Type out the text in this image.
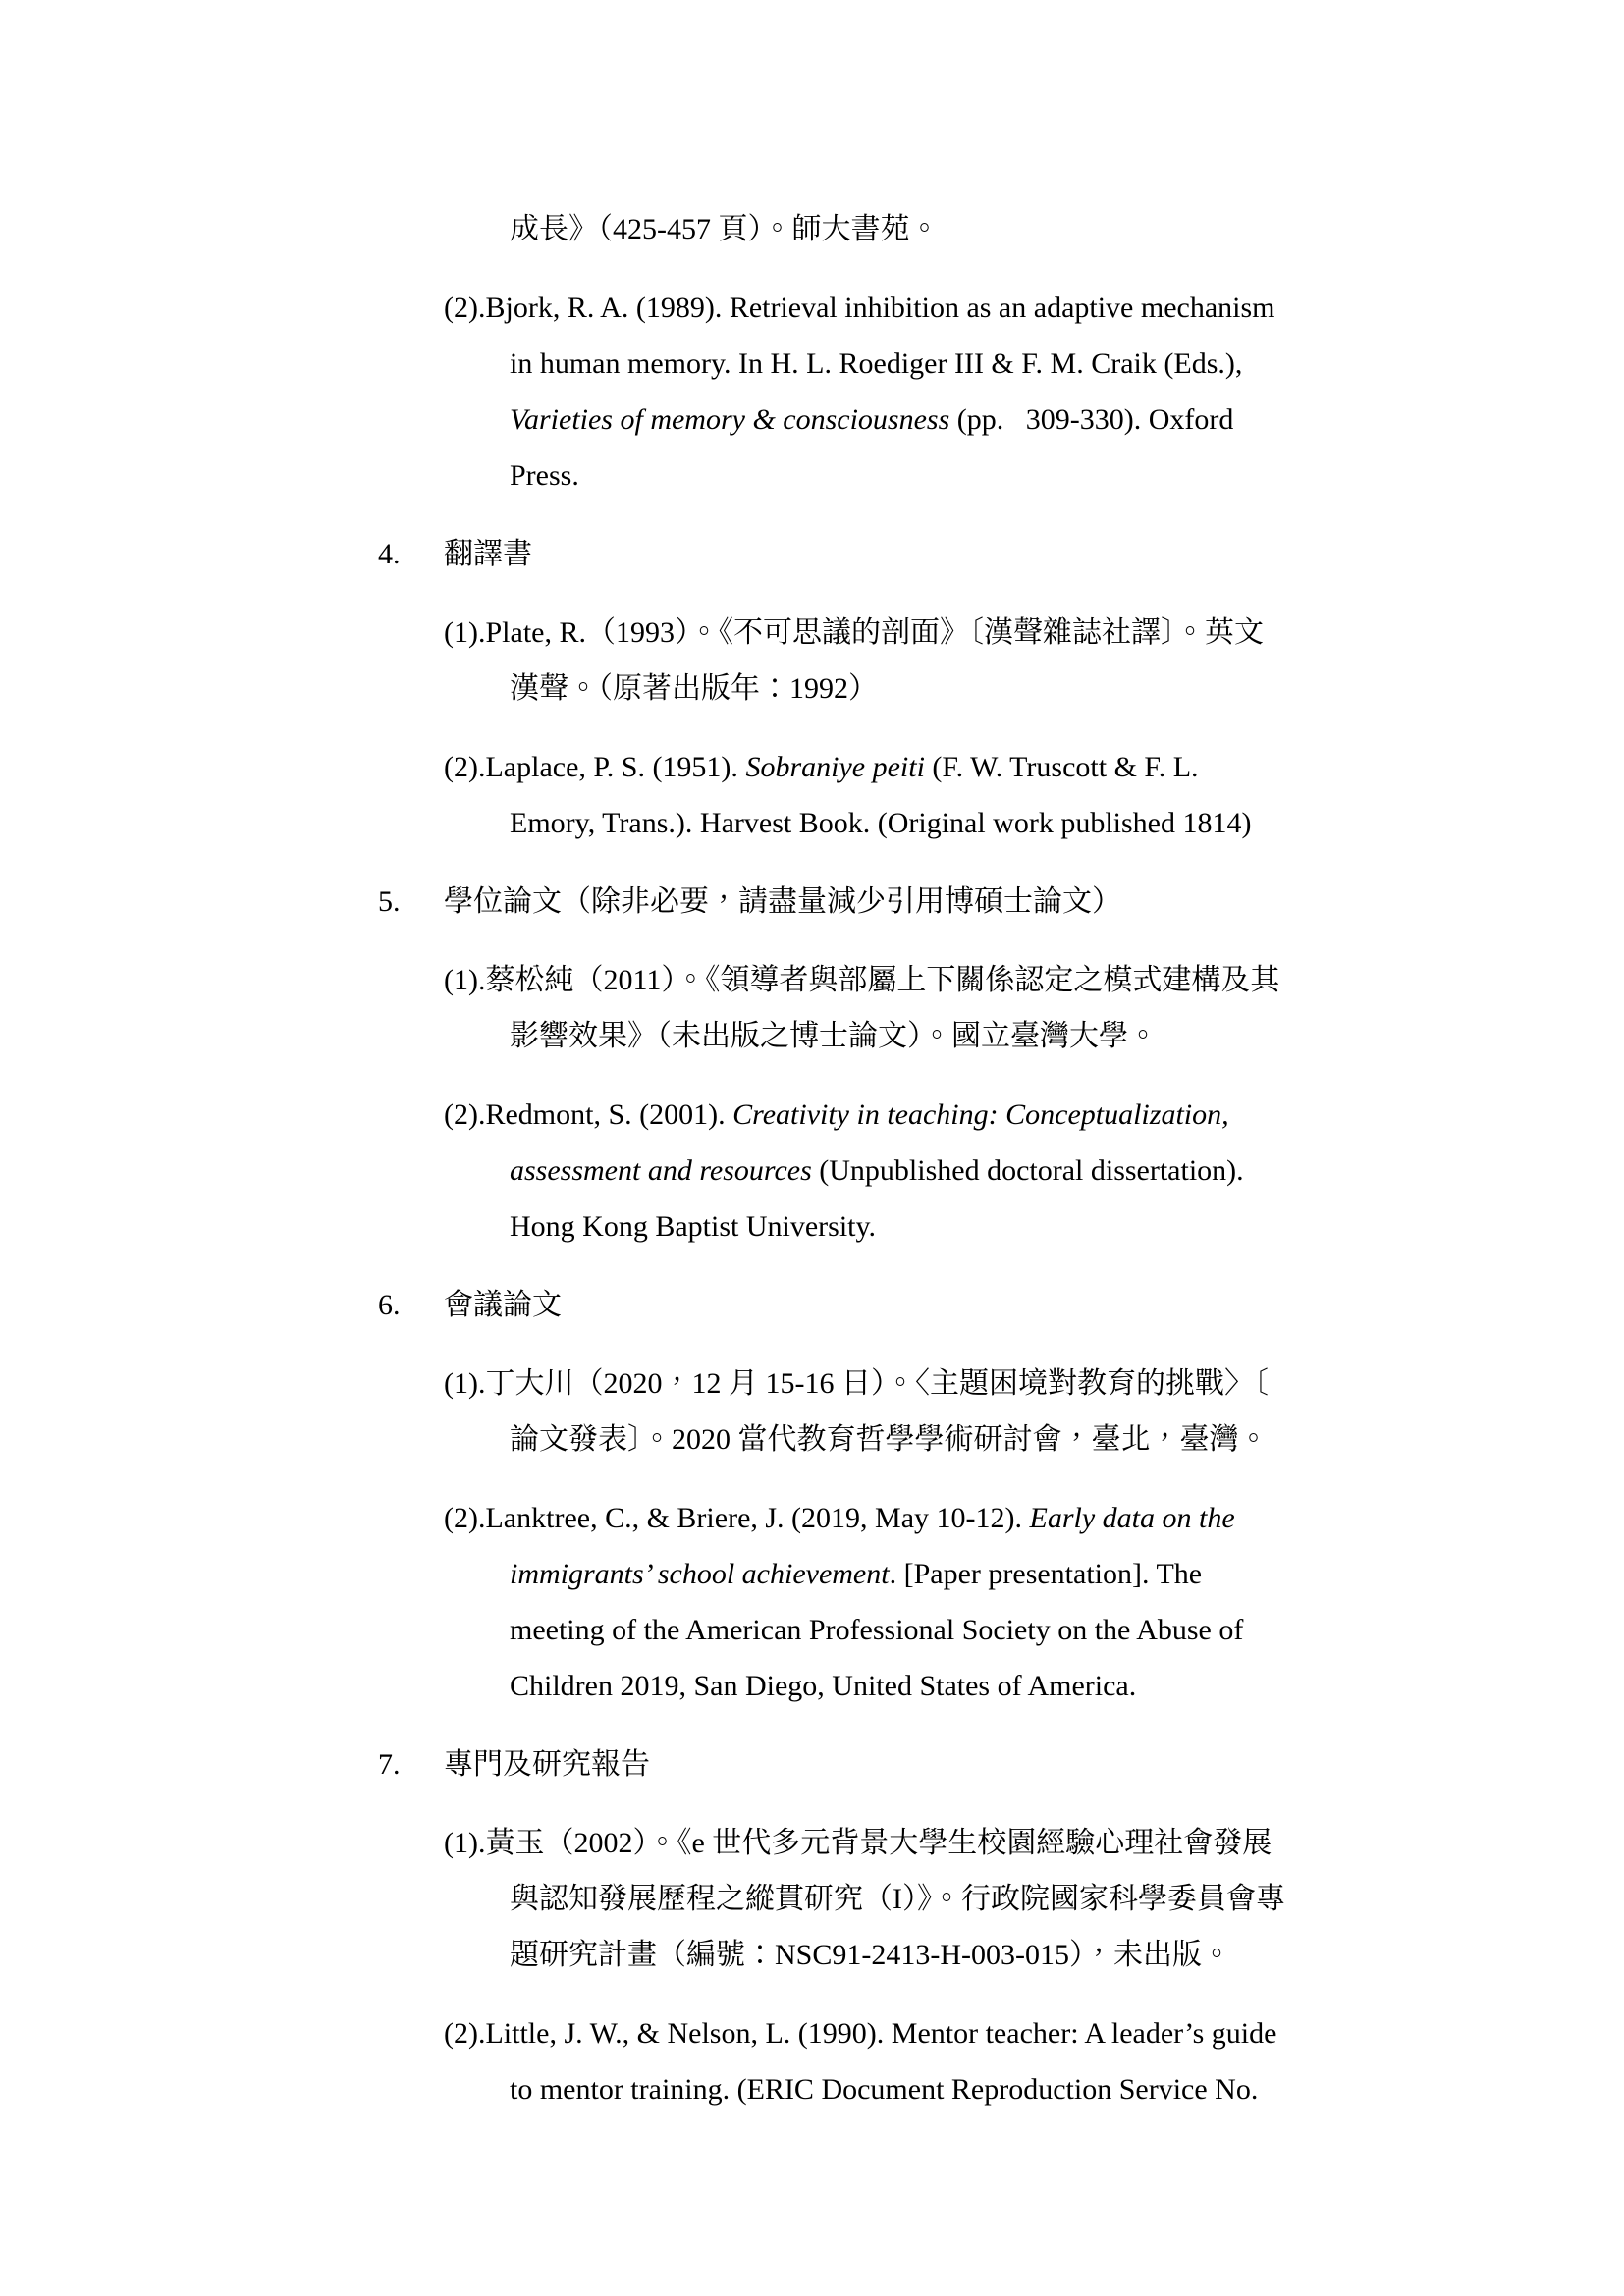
成長》（425-457 頁）。師大書苑。
(2).Bjork, R. A. (1989). Retrieval inhibition as an adaptive mechanism
in human memory. In H. L. Roediger III & F. M. Craik (Eds.),
Varieties of memory & consciousness (pp.   309-330). Oxford
Press.
4. 翻譯書
(1).Plate, R.（1993）。《不可思議的剖面》〔漢聲雜誌社譯〕。英文
漢聲。（原著出版年：1992）
(2).Laplace, P. S. (1951). Sobraniye peiti (F. W. Truscott & F. L.
Emory, Trans.). Harvest Book. (Original work published 1814)
5. 學位論文（除非必要，請盡量減少引用博碩士論文）
(1).蔡松純（2011）。《領導者與部屬上下關係認定之模式建構及其
影響效果》（未出版之博士論文）。國立臺灣大學。
(2).Redmont, S. (2001). Creativity in teaching: Conceptualization,
assessment and resources (Unpublished doctoral dissertation).
Hong Kong Baptist University.
6. 會議論文
(1).丁大川（2020，12 月 15-16 日）。〈主題困境對教育的挑戰〉〔
論文發表〕。2020 當代教育哲學學術研討會，臺北，臺灣。
(2).Lanktree, C., & Briere, J. (2019, May 10-12). Early data on the
immigrants’ school achievement. [Paper presentation]. The
meeting of the American Professional Society on the Abuse of
Children 2019, San Diego, United States of America.
7. 專門及研究報告
(1).黃玉（2002）。《e 世代多元背景大學生校園經驗心理社會發展
與認知發展歷程之縱貫研究（I）》。行政院國家科學委員會專
題研究計畫（編號：NSC91-2413-H-003-015），未出版。
(2).Little, J. W., & Nelson, L. (1990). Mentor teacher: A leader’s guide
to mentor training. (ERIC Document Reproduction Service No.
